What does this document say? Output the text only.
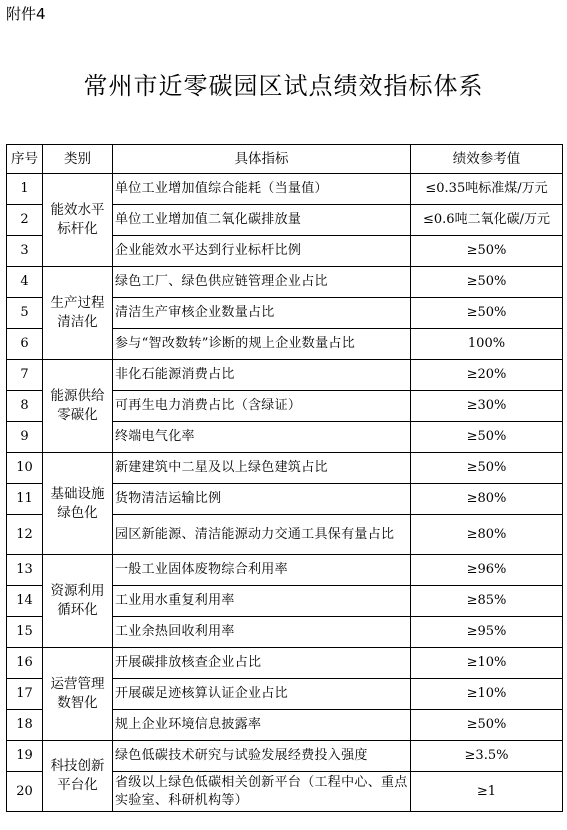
附件4
常州市近零碳园区试点绩效指标体系
序号	类别	具体指标	绩效参考值
1	能效水平标杆化	单位工业增加值综合能耗（当量值）	≤0.35吨标准煤/万元
2		单位工业增加值二氧化碳排放量	≤0.6吨二氧化碳/万元
3		企业能效水平达到行业标杆比例	≥50%
4	生产过程清洁化	绿色工厂、绿色供应链管理企业占比	≥50%
5		清洁生产审核企业数量占比	≥50%
6		参与“智改数转”诊断的规上企业数量占比	100%
7	能源供给零碳化	非化石能源消费占比	≥20%
8		可再生电力消费占比（含绿证）	≥30%
9		终端电气化率	≥50%
10	基础设施绿色化	新建建筑中二星及以上绿色建筑占比	≥50%
11		货物清洁运输比例	≥80%
12		园区新能源、清洁能源动力交通工具保有量占比	≥80%
13	资源利用循环化	一般工业固体废物综合利用率	≥96%
14		工业用水重复利用率	≥85%
15		工业余热回收利用率	≥95%
16	运营管理数智化	开展碳排放核查企业占比	≥10%
17		开展碳足迹核算认证企业占比	≥10%
18		规上企业环境信息披露率	≥50%
19	科技创新平台化	绿色低碳技术研究与试验发展经费投入强度	≥3.5%
20		省级以上绿色低碳相关创新平台（工程中心、重点实验室、科研机构等）	≥1
